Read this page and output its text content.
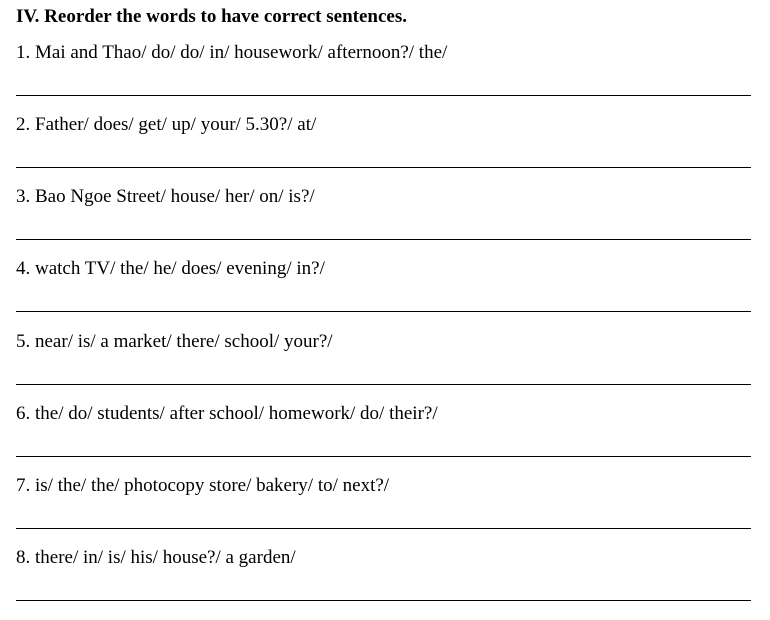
IV. Reorder the words to have correct sentences.
1. Mai and Thao/ do/ do/ in/ housework/ afternoon?/ the/
2. Father/ does/ get/ up/ your/ 5.30?/ at/
3. Bao Ngoe Street/ house/ her/ on/ is?/
4. watch TV/ the/ he/ does/ evening/ in?/
5. near/ is/ a market/ there/ school/ your?/
6. the/ do/ students/ after school/ homework/ do/ their?/
7. is/ the/ the/ photocopy store/ bakery/ to/ next?/
8. there/ in/ is/ his/ house?/ a garden/
